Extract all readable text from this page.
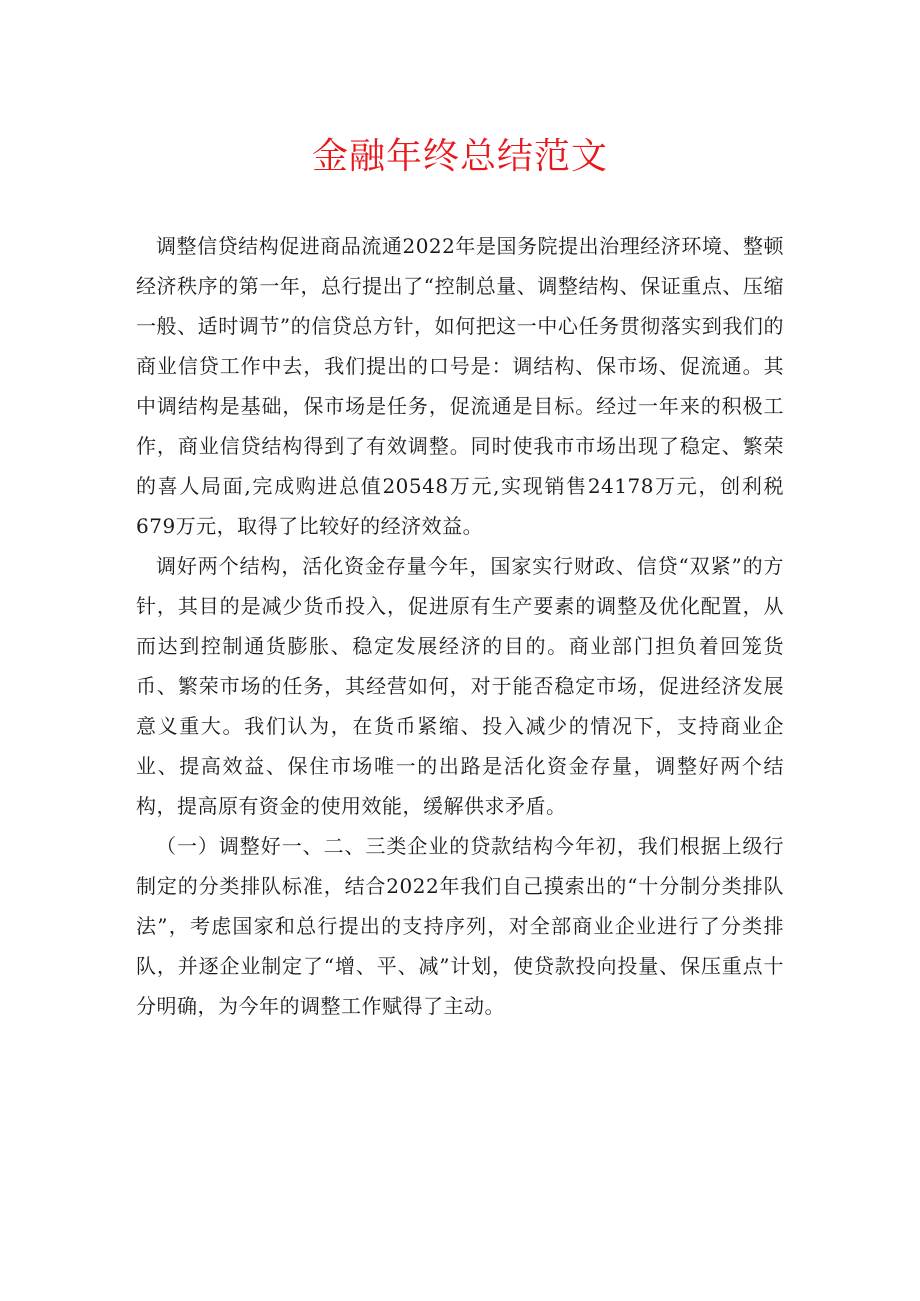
金融年终总结范文

调整信贷结构促进商品流通2022年是国务院提出治理经济环境、整顿经济秩序的第一年，总行提出了“控制总量、调整结构、保证重点、压缩一般、适时调节”的信贷总方针，如何把这一中心任务贯彻落实到我们的商业信贷工作中去，我们提出的口号是：调结构、保市场、促流通。其中调结构是基础，保市场是任务，促流通是目标。经过一年来的积极工作，商业信贷结构得到了有效调整。同时使我市市场出现了稳定、繁荣的喜人局面,完成购进总值20548万元,实现销售24178万元，创利税679万元，取得了比较好的经济效益。

调好两个结构，活化资金存量今年，国家实行财政、信贷“双紧”的方针，其目的是减少货币投入，促进原有生产要素的调整及优化配置，从而达到控制通货膨胀、稳定发展经济的目的。商业部门担负着回笼货币、繁荣市场的任务，其经营如何，对于能否稳定市场，促进经济发展意义重大。我们认为，在货币紧缩、投入减少的情况下，支持商业企业、提高效益、保住市场唯一的出路是活化资金存量，调整好两个结构，提高原有资金的使用效能，缓解供求矛盾。

（一）调整好一、二、三类企业的贷款结构今年初，我们根据上级行制定的分类排队标准，结合2022年我们自己摸索出的“十分制分类排队法”，考虑国家和总行提出的支持序列，对全部商业企业进行了分类排队，并逐企业制定了“增、平、减”计划，使贷款投向投量、保压重点十分明确，为今年的调整工作赋得了主动。
